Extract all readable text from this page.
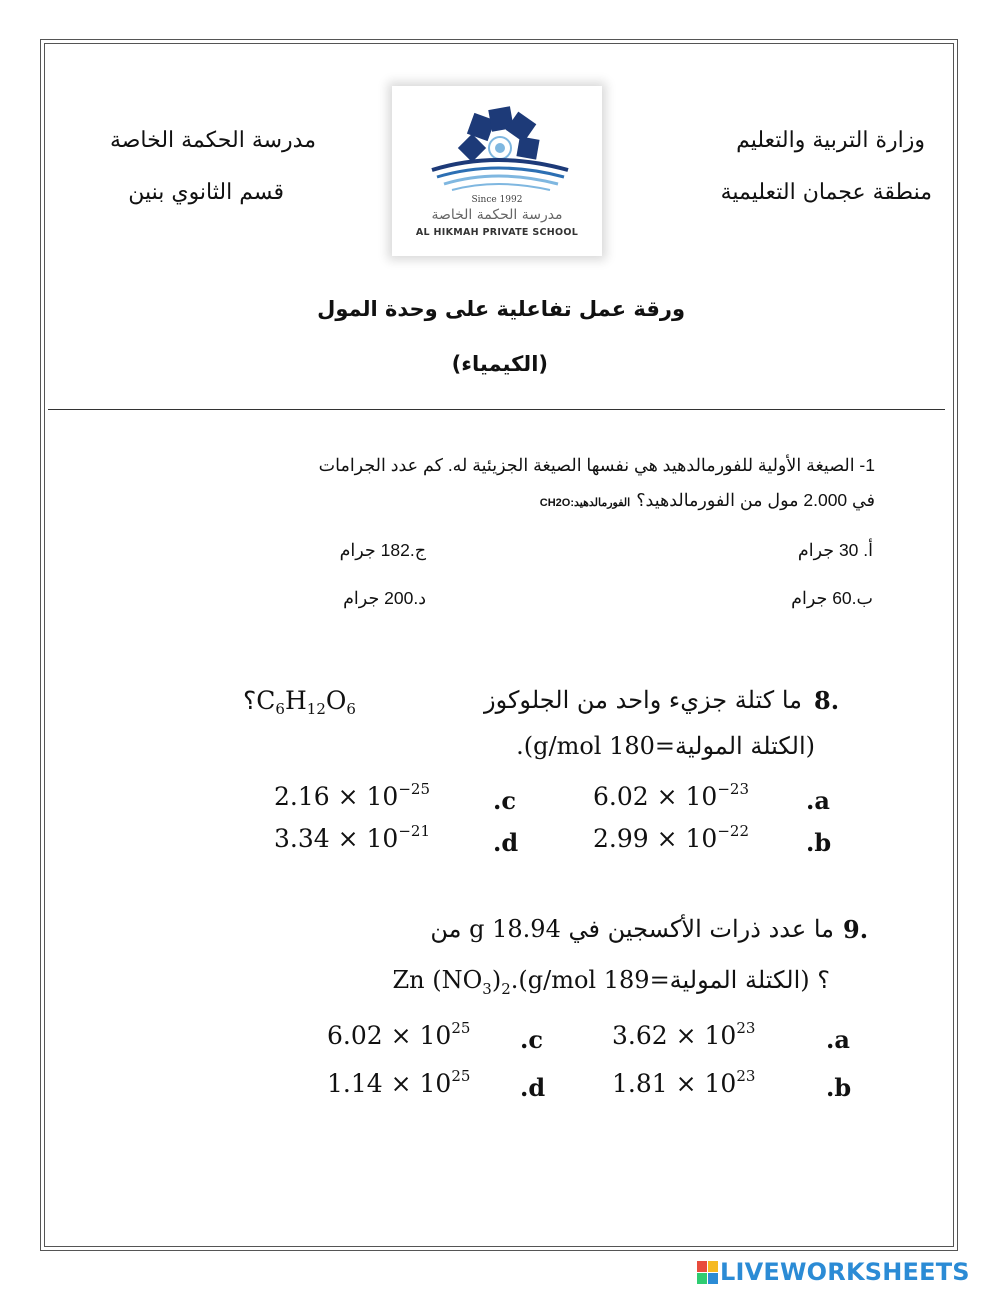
وزارة التربية والتعليم
منطقة عجمان التعليمية
مدرسة الحكمة الخاصة
قسم الثانوي بنين	Since 1992
مدرسة الحكمة الخاصة
AL HIKMAH PRIVATE SCHOOL
ورقة عمل تفاعلية على وحدة المول
(الكيمياء)
1- الصيغة الأولية للفورمالدهيد هي نفسها الصيغة الجزيئية له. كم عدد الجرامات
في 2.000 مول من الفورمالدهيد؟الفورمالدهيد:CH2O
أ. 30 جرام
ب.60 جرام
ج.182 جرام
د.200 جرام
8.
ما كتلة جزيء واحد من الجلوكوز
$؟C_6H_{12}O_6$
(الكتلة المولية=180 g/mol).
.a
$6.02 \times 10^{-23}$
.b
$2.99 \times 10^{-22}$
.c
$2.16 \times 10^{-25}$
.d
$3.34 \times 10^{-21}$
9.
ما عدد ذرات الأكسجين في 18.94 g من
؟ (الكتلة المولية=189 g/mol).Zn $(NO_3)_2$
.a
$3.62 \times 10^{23}$
.b
$1.81 \times 10^{23}$
.c
$6.02 \times 10^{25}$
.d
$1.14 \times 10^{25}$
LIVEWORKSHEETS
